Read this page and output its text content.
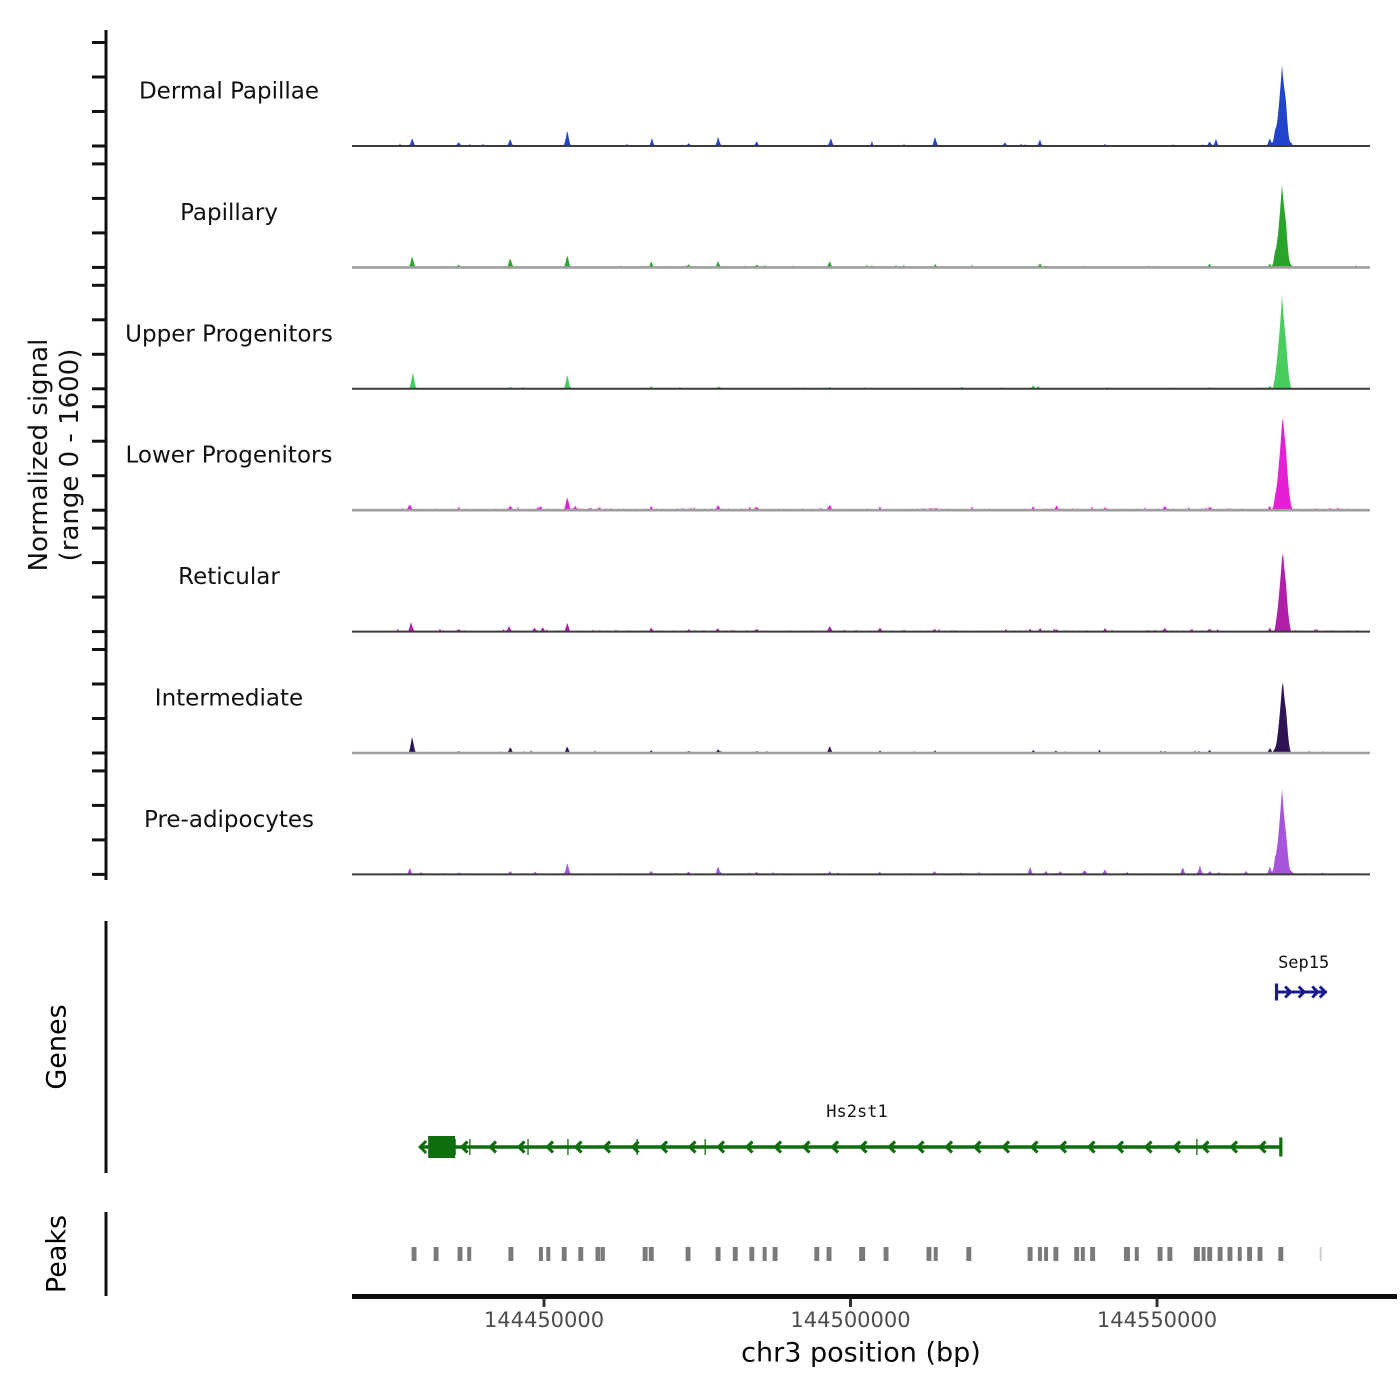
Normalized signal (range 0 - 1600)
Genes
Peaks
Dermal Papillae
Papillary
Upper Progenitors
Lower Progenitors
Reticular
Intermediate
Pre-adipocytes
Sep15
Hs2st1
144450000	144500000	144550000
chr3 position (bp)
